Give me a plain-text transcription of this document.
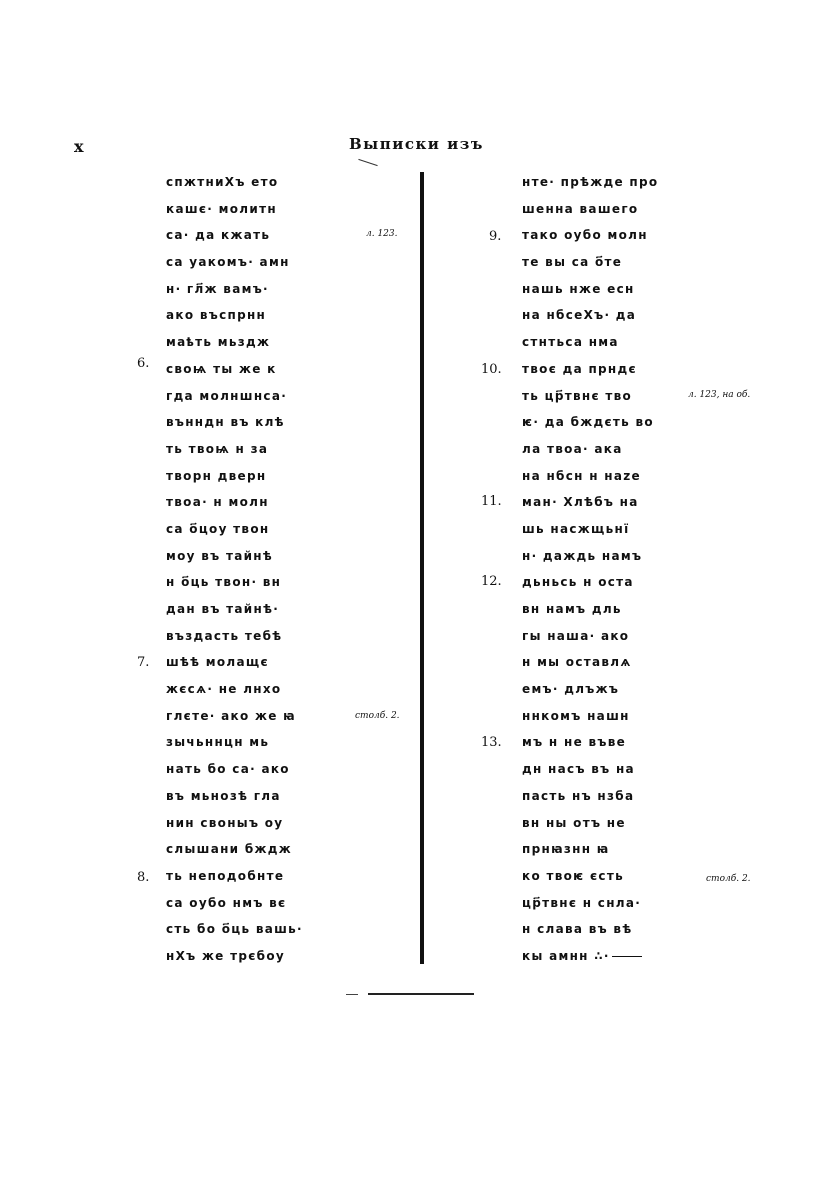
x	Выписки изъ
спжтниХъ ето
кашє· молитн
са· да кжать
са уакомъ· амн
н· гл҃ж вамъ·
ако въспрнн
маҍть мьздж
своѩ ты же к
гда молншнса·
вънндн въ клѣ
ть твоѩ н за
творн дверн
твоа· н молн
са о҃цоу твон
моу въ тайнѣ
н о҃ць твон· вн
дан въ тайнѣ·
въздасть тебѣ
шѣѣ молащє
жєсѧ· не лнхо
глєте· ако же ꙗ
зычьннцн мь
нать бо са· ако
въ мьнозѣ гла
нин своныъ оу
слышани бждж
ть неподобнте
са оубо нмъ вє
сть бо о҃ць вашь·
нХъ же трєбоу
нте· прѣжде про
шенна вашего
тако оубо молн
те вы са о҃те
нашь нже есн
на нбсеХъ· да
стнтьса нма
твоє да прндє
ть цр҃твнє тво
ѥ· да бждєть во
ла твоа· ака
на нбсн н наzе
ман· Хлѣбъ на
шь насжщьнї
н· даждь намъ
дьньсь н оста
вн намъ дль
гы наша· ако
н мы оставлѧ
емъ· длъжъ
ннкомъ нашн
мъ н не въве
дн насъ въ на
пасть нъ нзба
вн ны отъ не
прнꙗзнн ꙗ
ко твоѥ єсть
цр҃твнє н снла·
н слава въ вѣ
кы амнн ∴·
6.
7.
8.
9.
10.
11.
12.
13.
л. 123.
столб. 2.
л. 123, на об.
столб. 2.
